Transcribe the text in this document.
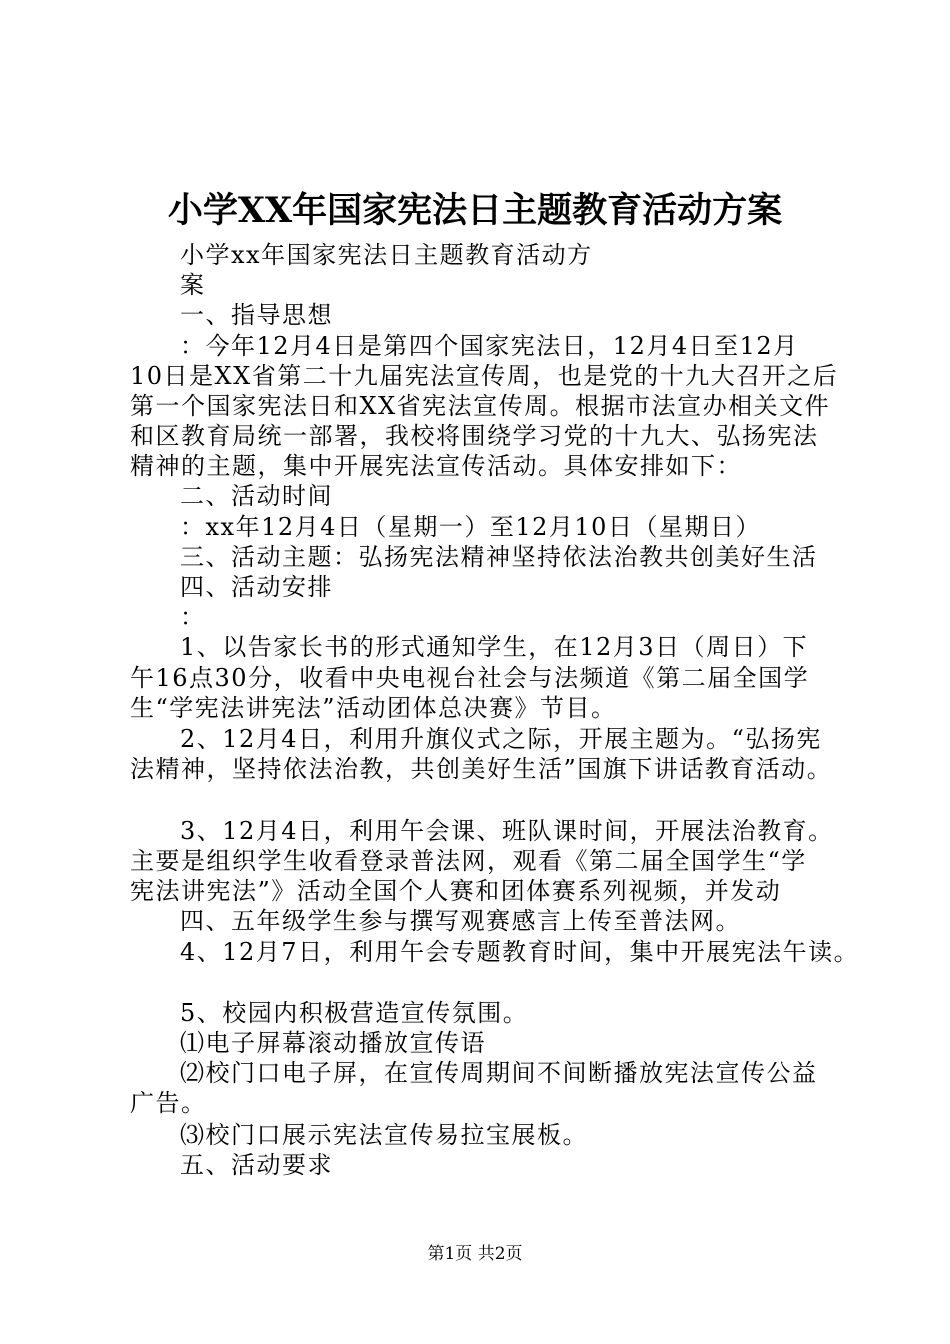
小学XX年国家宪法日主题教育活动方案
小学xx年国家宪法日主题教育活动方
案
一、指导思想
：今年12月4日是第四个国家宪法日，12月4日至12月
10日是XX省第二十九届宪法宣传周，也是党的十九大召开之后
第一个国家宪法日和XX省宪法宣传周。根据市法宣办相关文件
和区教育局统一部署，我校将围绕学习党的十九大、弘扬宪法
精神的主题，集中开展宪法宣传活动。具体安排如下：
二、活动时间
：xx年12月4日（星期一）至12月10日（星期日）
三、活动主题：弘扬宪法精神坚持依法治教共创美好生活
四、活动安排
：
1、以告家长书的形式通知学生，在12月3日（周日）下
午16点30分，收看中央电视台社会与法频道《第二届全国学
生“学宪法讲宪法”活动团体总决赛》节目。
2、12月4日，利用升旗仪式之际，开展主题为。“弘扬宪
法精神，坚持依法治教，共创美好生活”国旗下讲话教育活动。
3、12月4日，利用午会课、班队课时间，开展法治教育。
主要是组织学生收看登录普法网，观看《第二届全国学生“学
宪法讲宪法”》活动全国个人赛和团体赛系列视频，并发动
四、五年级学生参与撰写观赛感言上传至普法网。
4、12月7日，利用午会专题教育时间，集中开展宪法午读。
5、校园内积极营造宣传氛围。
⑴电子屏幕滚动播放宣传语
⑵校门口电子屏，在宣传周期间不间断播放宪法宣传公益
广告。
⑶校门口展示宪法宣传易拉宝展板。
五、活动要求
第1页 共2页
